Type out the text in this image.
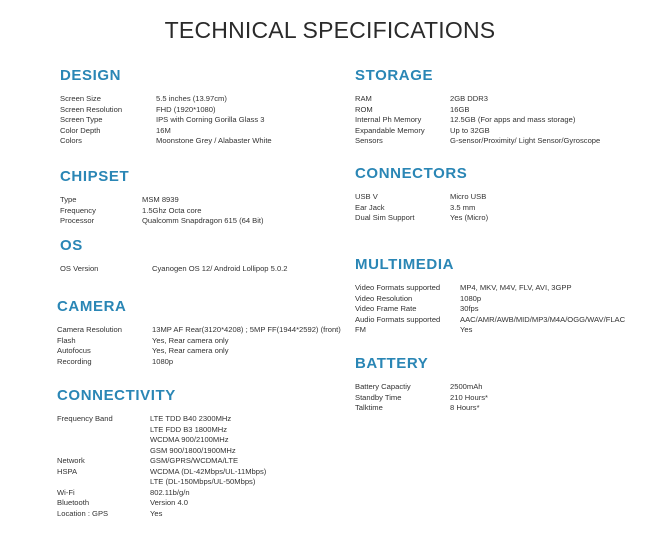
TECHNICAL SPECIFICATIONS
DESIGN
Screen Size	5.5 inches (13.97cm)
Screen Resolution	FHD (1920*1080)
Screen Type	IPS with Corning Gorilla Glass 3
Color Depth	16M
Colors	Moonstone Grey / Alabaster White
CHIPSET
Type	MSM 8939
Frequency	1.5Ghz Octa core
Processor	Qualcomm Snapdragon 615 (64 Bit)
OS
OS Version	Cyanogen OS 12/ Android Lollipop 5.0.2
CAMERA
Camera Resolution	13MP AF Rear(3120*4208) ; 5MP FF(1944*2592) (front)
Flash	Yes, Rear camera only
Autofocus	Yes, Rear camera only
Recording	1080p
CONNECTIVITY
Frequency Band	LTE TDD B40 2300MHz
LTE FDD B3 1800MHz
WCDMA 900/2100MHz
GSM 900/1800/1900MHz
Network	GSM/GPRS/WCDMA/LTE
HSPA	WCDMA (DL-42Mbps/UL-11Mbps)
LTE (DL-150Mbps/UL-50Mbps)
Wi-Fi	802.11b/g/n
Bluetooth	Version 4.0
Location : GPS	Yes
STORAGE
RAM	2GB DDR3
ROM	16GB
Internal Ph Memory	12.5GB (For apps and mass storage)
Expandable Memory	Up to 32GB
Sensors	G-sensor/Proximity/ Light Sensor/Gyroscope
CONNECTORS
USB V	Micro USB
Ear Jack	3.5 mm
Dual Sim Support	Yes (Micro)
MULTIMEDIA
Video Formats supported	MP4, MKV, M4V, FLV, AVI, 3GPP
Video Resolution	1080p
Video Frame Rate	30fps
Audio Formats supported	AAC/AMR/AWB/MID/MP3/M4A/OGG/WAV/FLAC
FM	Yes
BATTERY
Battery Capactiy	2500mAh
Standby Time	210 Hours*
Talktime	8 Hours*
